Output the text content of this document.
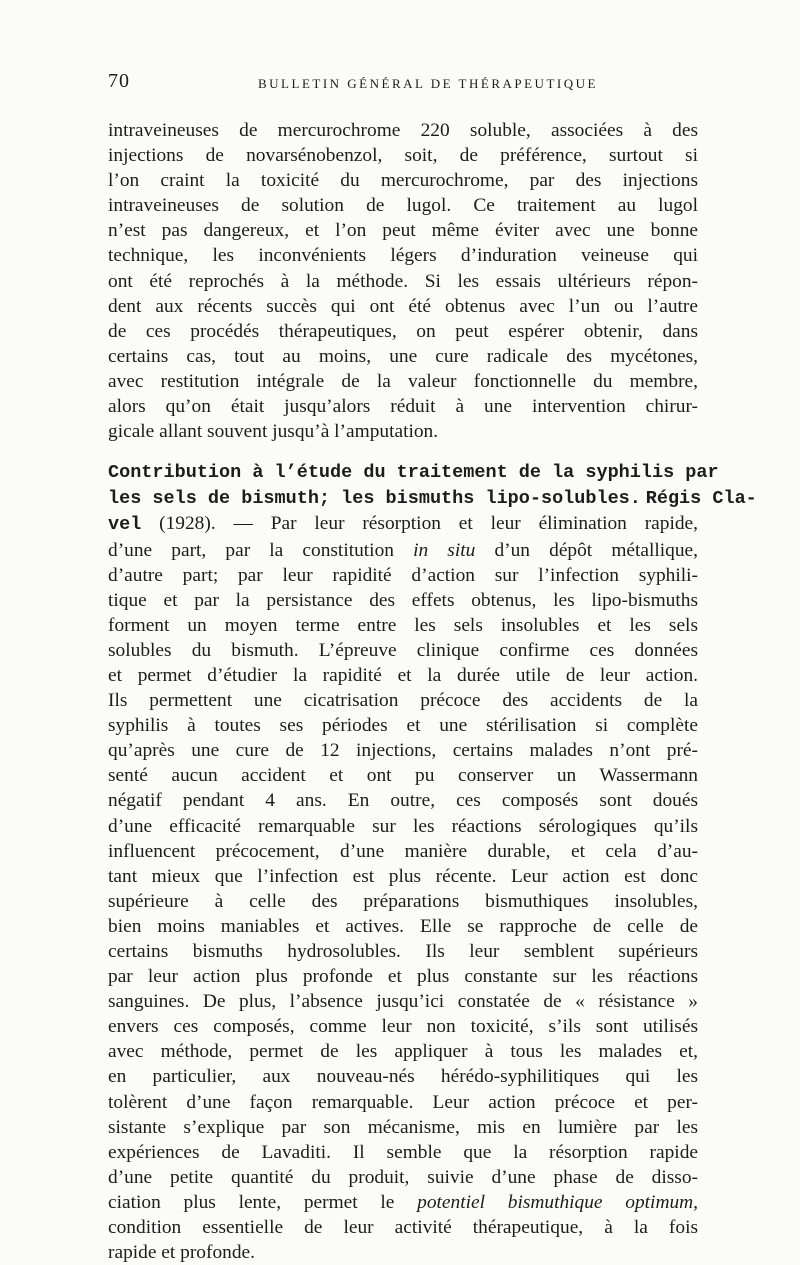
70	BULLETIN GÉNÉRAL DE THÉRAPEUTIQUE
intraveineuses de mercurochrome 220 soluble, associées à des
injections de novarsénobenzol, soit, de préférence, surtout si
l’on craint la toxicité du mercurochrome, par des injections
intraveineuses de solution de lugol. Ce traitement au lugol
n’est pas dangereux, et l’on peut même éviter avec une bonne
technique, les inconvénients légers d’induration veineuse qui
ont été reprochés à la méthode. Si les essais ultérieurs répon-
dent aux récents succès qui ont été obtenus avec l’un ou l’autre
de ces procédés thérapeutiques, on peut espérer obtenir, dans
certains cas, tout au moins, une cure radicale des mycétones,
avec restitution intégrale de la valeur fonctionnelle du membre,
alors qu’on était jusqu’alors réduit à une intervention chirur-
gicale allant souvent jusqu’à l’amputation.
Contribution à l’étude du traitement de la syphilis par
les sels de bismuth; les bismuths lipo-solubles. Régis Cla-
vel (1928). — Par leur résorption et leur élimination rapide,
d’une part, par la constitution in situ d’un dépôt métallique,
d’autre part; par leur rapidité d’action sur l’infection syphili-
tique et par la persistance des effets obtenus, les lipo-bismuths
forment un moyen terme entre les sels insolubles et les sels
solubles du bismuth. L’épreuve clinique confirme ces données
et permet d’étudier la rapidité et la durée utile de leur action.
Ils permettent une cicatrisation précoce des accidents de la
syphilis à toutes ses périodes et une stérilisation si complète
qu’après une cure de 12 injections, certains malades n’ont pré-
senté aucun accident et ont pu conserver un Wassermann
négatif pendant 4 ans. En outre, ces composés sont doués
d’une efficacité remarquable sur les réactions sérologiques qu’ils
influencent précocement, d’une manière durable, et cela d’au-
tant mieux que l’infection est plus récente. Leur action est donc
supérieure à celle des préparations bismuthiques insolubles,
bien moins maniables et actives. Elle se rapproche de celle de
certains bismuths hydrosolubles. Ils leur semblent supérieurs
par leur action plus profonde et plus constante sur les réactions
sanguines. De plus, l’absence jusqu’ici constatée de « résistance »
envers ces composés, comme leur non toxicité, s’ils sont utilisés
avec méthode, permet de les appliquer à tous les malades et,
en particulier, aux nouveau-nés hérédo-syphilitiques qui les
tolèrent d’une façon remarquable. Leur action précoce et per-
sistante s’explique par son mécanisme, mis en lumière par les
expériences de Lavaditi. Il semble que la résorption rapide
d’une petite quantité du produit, suivie d’une phase de disso-
ciation plus lente, permet le potentiel bismuthique optimum,
condition essentielle de leur activité thérapeutique, à la fois
rapide et profonde.
